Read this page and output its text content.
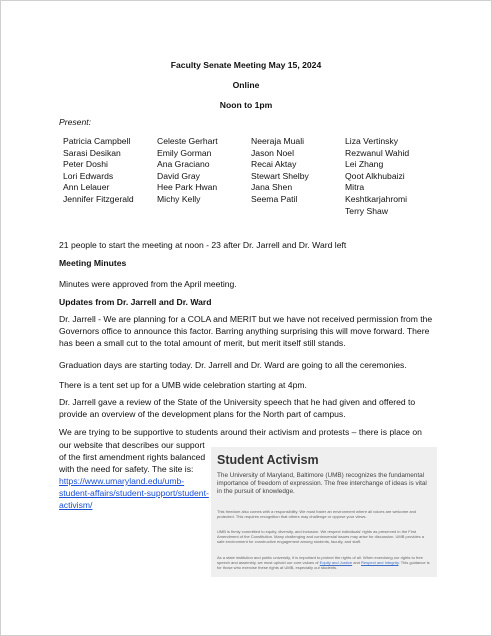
Faculty Senate Meeting May 15, 2024
Online
Noon to 1pm
Present:
Patricia Campbell
Sarasi Desikan
Peter Doshi
Lori Edwards
Ann Lelauer
Jennifer Fitzgerald
Celeste Gerhart
Emily Gorman
Ana Graciano
David Gray
Hee Park Hwan
Michy Kelly
Neeraja Muali
Jason Noel
Recai Aktay
Stewart Shelby
Jana Shen
Seema Patil
Liza Vertinsky
Rezwanul Wahid
Lei Zhang
Qoot Alkhubaizi
Mitra
Keshtkarjahromi
Terry Shaw
21 people to start the meeting at noon - 23 after Dr. Jarrell and Dr. Ward left
Meeting Minutes
Minutes were approved from the April meeting.
Updates from Dr. Jarrell and Dr. Ward
Dr. Jarrell - We are planning for a COLA and MERIT but we have not received permission from the Governors office to announce this factor. Barring anything surprising this will move forward. There has been a small cut to the total amount of merit, but merit itself still stands.
Graduation days are starting today. Dr. Jarrell and Dr. Ward are going to all the ceremonies.
There is a tent set up for a UMB wide celebration starting at 4pm.
Dr. Jarrell gave a review of the State of the University speech that he had given and offered to provide an overview of the development plans for the North part of campus.
We are trying to be supportive to students around their activism and protests – there is place on
our website that describes our support of the first amendment rights balanced with the need for safety. The site is: https://www.umaryland.edu/umb-student-affairs/student-support/student-activism/
Student Activism
The University of Maryland, Baltimore (UMB) recognizes the fundamental importance of freedom of expression. The free interchange of ideas is vital in the pursuit of knowledge.
This freedom also comes with a responsibility. We must foster an environment where all voices are welcome and protected. This requires recognition that others may challenge or oppose your views.
UMB is firmly committed to equity, diversity, and inclusion. We respect individuals' rights as preserved in the First Amendment of the Constitution. Many challenging and controversial issues may arise for discussion. UMB provides a safe environment for constructive engagement among students, faculty, and staff.
As a state institution and public university, it is important to protect the rights of all. When exercising our rights to free speech and assembly, we must uphold our core values of Equity and Justice and Respect and Integrity. This guidance is for those who exercise these rights at UMB, especially our students.
